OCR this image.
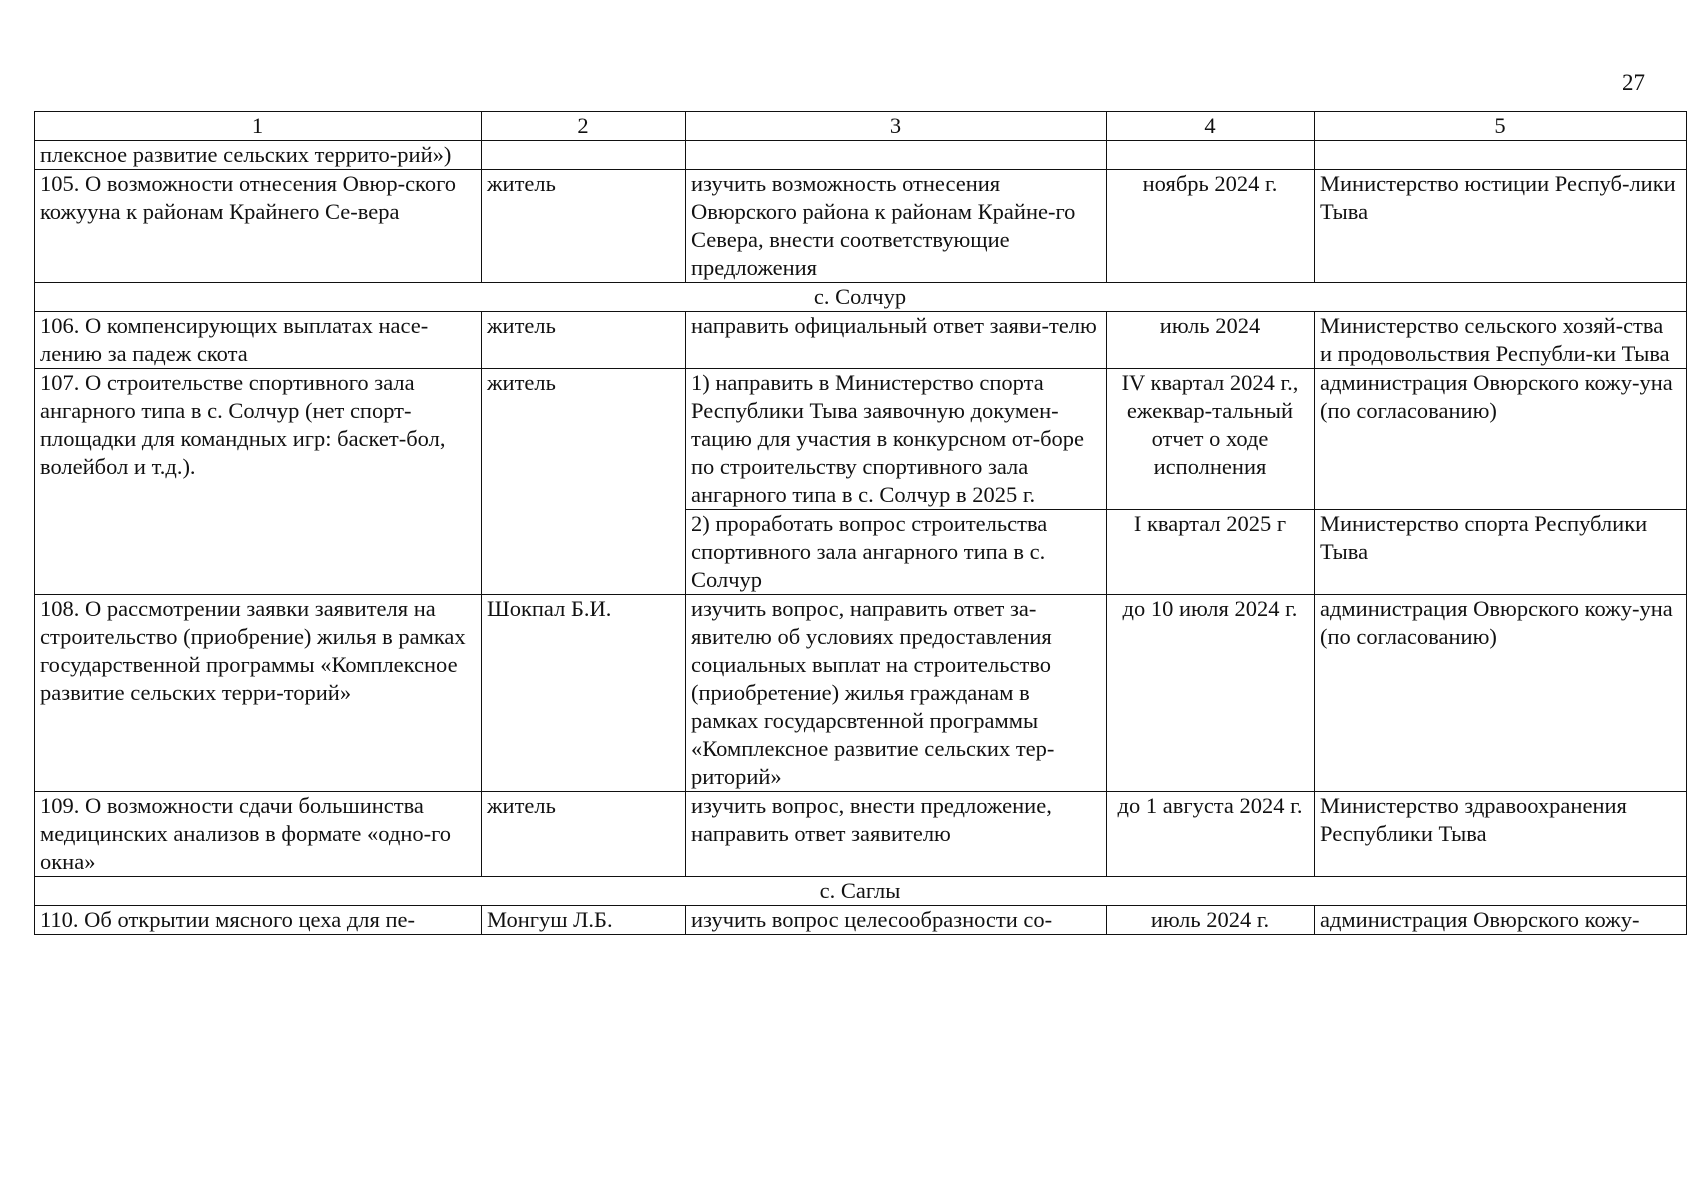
27
1	2	3	4	5
плексное развитие сельских террито-рий»)				
105. О возможности отнесения Овюр-ского кожууна к районам Крайнего Се-вера	житель	изучить возможность отнесения Овюрского района к районам Крайне-го Севера, внести соответствующие предложения	ноябрь 2024 г.	Министерство юстиции Респуб-лики Тыва
с. Солчур				
106. О компенсирующих выплатах насе-лению за падеж скота	житель	направить официальный ответ заяви-телю	июль 2024	Министерство сельского хозяй-ства и продовольствия Республи-ки Тыва
107. О строительстве спортивного зала ангарного типа в с. Солчур (нет спорт-площадки для командных игр: баскет-бол, волейбол и т.д.).	житель	1) направить в Министерство спорта Республики Тыва заявочную докумен-тацию для участия в конкурсном от-боре по строительству спортивного зала ангарного типа в с. Солчур в 2025 г.	IV квартал 2024 г., ежеквар-тальный отчет о ходе исполнения	администрация Овюрского кожу-уна (по согласованию)
		2) проработать вопрос строительства спортивного зала ангарного типа в с. Солчур	I квартал 2025 г	Министерство спорта Республики Тыва
108. О рассмотрении заявки заявителя на строительство (приобрение) жилья в рамках государственной программы «Комплексное развитие сельских терри-торий»	Шокпал Б.И.	изучить вопрос, направить ответ за-явителю об условиях предоставления социальных выплат на строительство (приобретение) жилья гражданам в рамках государсвтенной программы «Комплексное развитие сельских тер-риторий»	до 10 июля 2024 г.	администрация Овюрского кожу-уна (по согласованию)
109. О возможности сдачи большинства медицинских анализов в формате «одно-го окна»	житель	изучить вопрос, внести предложение, направить ответ заявителю	до 1 августа 2024 г.	Министерство здравоохранения Республики Тыва
с. Саглы				
110. Об открытии мясного цеха для пе-	Монгуш Л.Б.	изучить вопрос целесообразности со-	июль 2024 г.	администрация Овюрского кожу-
